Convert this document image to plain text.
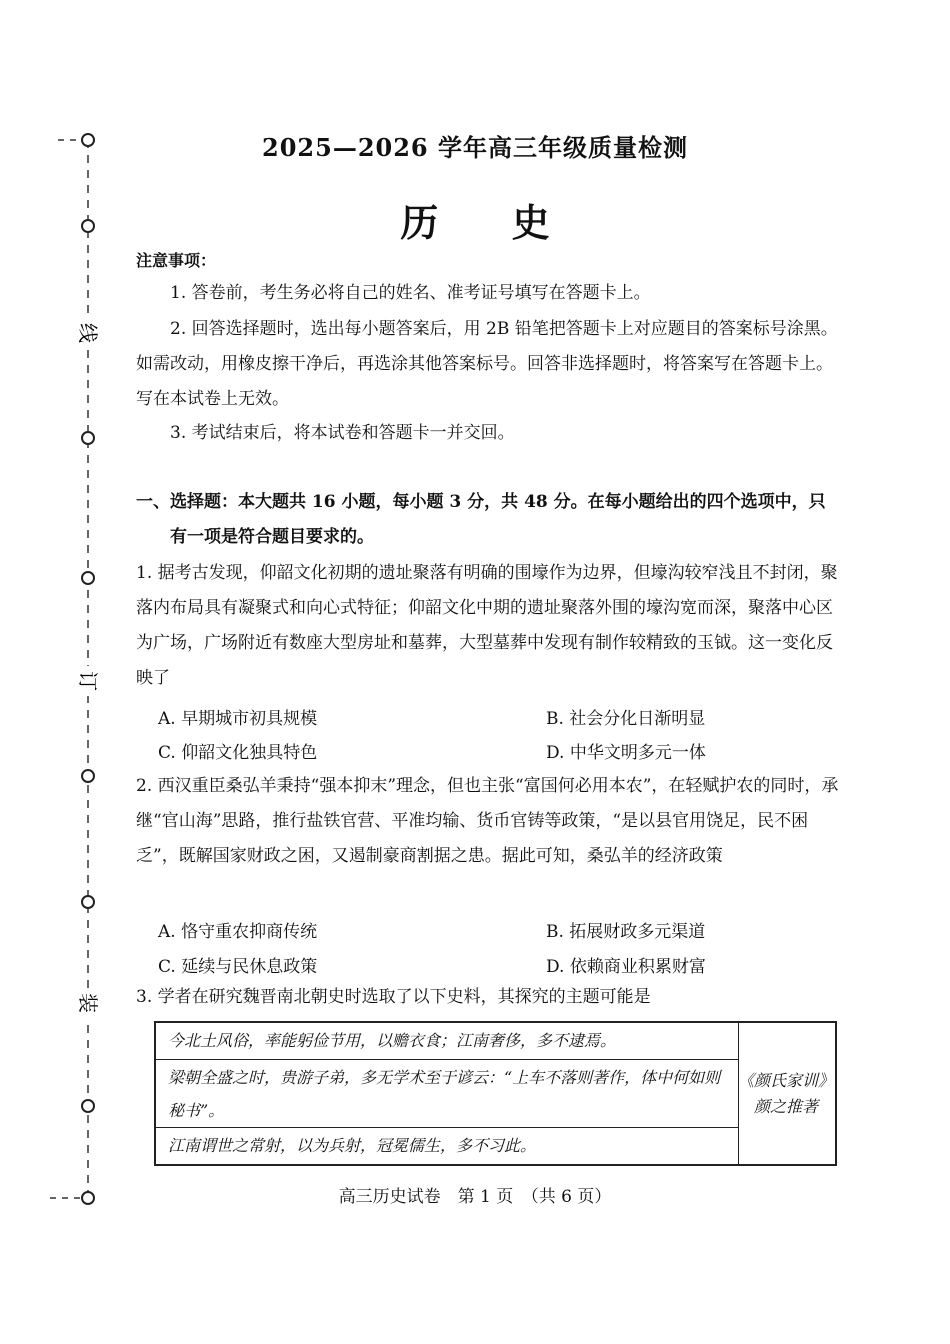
线
订
装
2025—2026 学年高三年级质量检测
历 史
注意事项：
1. 答卷前，考生务必将自己的姓名、准考证号填写在答题卡上。
2. 回答选择题时，选出每小题答案后，用 2B 铅笔把答题卡上对应题目的答案标号涂黑。如需改动，用橡皮擦干净后，再选涂其他答案标号。回答非选择题时，将答案写在答题卡上。写在本试卷上无效。
3. 考试结束后，将本试卷和答题卡一并交回。
一、选择题：本大题共 16 小题，每小题 3 分，共 48 分。在每小题给出的四个选项中，只
有一项是符合题目要求的。
1. 据考古发现，仰韶文化初期的遗址聚落有明确的围壕作为边界，但壕沟较窄浅且不封闭，聚落内布局具有凝聚式和向心式特征；仰韶文化中期的遗址聚落外围的壕沟宽而深，聚落中心区为广场，广场附近有数座大型房址和墓葬，大型墓葬中发现有制作较精致的玉钺。这一变化反映了
A. 早期城市初具规模	B. 社会分化日渐明显
C. 仰韶文化独具特色	D. 中华文明多元一体
2. 西汉重臣桑弘羊秉持“强本抑末”理念，但也主张“富国何必用本农”，在轻赋护农的同时，承继“官山海”思路，推行盐铁官营、平准均输、货币官铸等政策，“是以县官用饶足，民不困乏”，既解国家财政之困，又遏制豪商割据之患。据此可知，桑弘羊的经济政策
A. 恪守重农抑商传统	B. 拓展财政多元渠道
C. 延续与民休息政策	D. 依赖商业积累财富
3. 学者在研究魏晋南北朝史时选取了以下史料，其探究的主题可能是
今北土风俗，率能躬俭节用，以赡衣食；江南奢侈，多不逮焉。
梁朝全盛之时，贵游子弟，多无学术至于谚云：“上车不落则著作，体中何如则秘书”。
江南谓世之常射，以为兵射，冠冕儒生，多不习此。
《颜氏家训》
颜之推著
高三历史试卷　第 1 页　（共 6 页）
